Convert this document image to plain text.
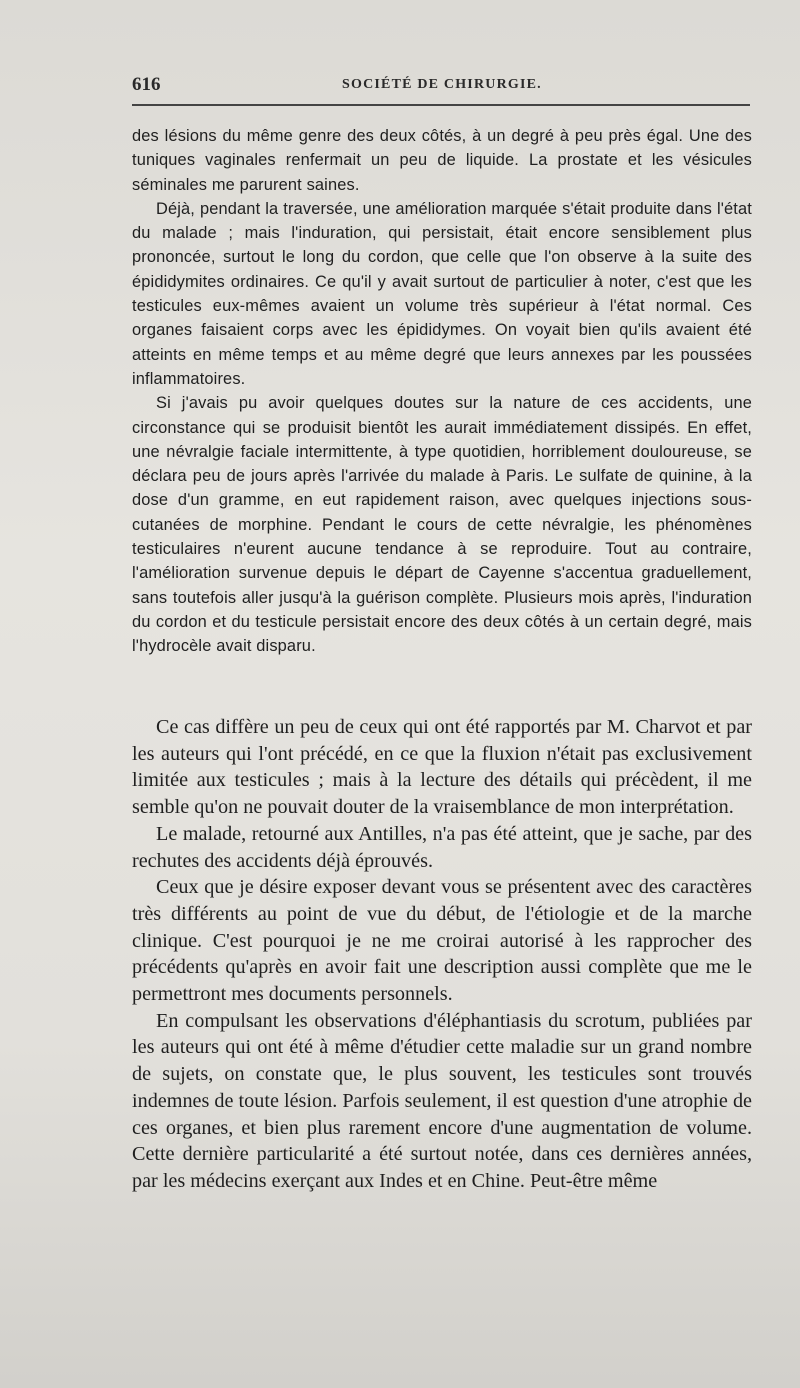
616	SOCIÉTÉ DE CHIRURGIE.

des lésions du même genre des deux côtés, à un degré à peu près égal. Une des tuniques vaginales renfermait un peu de liquide. La prostate et les vésicules séminales me parurent saines.

Déjà, pendant la traversée, une amélioration marquée s'était produite dans l'état du malade ; mais l'induration, qui persistait, était encore sensiblement plus prononcée, surtout le long du cordon, que celle que l'on observe à la suite des épididymites ordinaires. Ce qu'il y avait surtout de particulier à noter, c'est que les testicules eux-mêmes avaient un volume très supérieur à l'état normal. Ces organes faisaient corps avec les épididymes. On voyait bien qu'ils avaient été atteints en même temps et au même degré que leurs annexes par les poussées inflammatoires.

Si j'avais pu avoir quelques doutes sur la nature de ces accidents, une circonstance qui se produisit bientôt les aurait immédiatement dissipés. En effet, une névralgie faciale intermittente, à type quotidien, horriblement douloureuse, se déclara peu de jours après l'arrivée du malade à Paris. Le sulfate de quinine, à la dose d'un gramme, en eut rapidement raison, avec quelques injections sous-cutanées de morphine. Pendant le cours de cette névralgie, les phénomènes testiculaires n'eurent aucune tendance à se reproduire. Tout au contraire, l'amélioration survenue depuis le départ de Cayenne s'accentua graduellement, sans toutefois aller jusqu'à la guérison complète. Plusieurs mois après, l'induration du cordon et du testicule persistait encore des deux côtés à un certain degré, mais l'hydrocèle avait disparu.

Ce cas diffère un peu de ceux qui ont été rapportés par M. Charvot et par les auteurs qui l'ont précédé, en ce que la fluxion n'était pas exclusivement limitée aux testicules ; mais à la lecture des détails qui précèdent, il me semble qu'on ne pouvait douter de la vraisemblance de mon interprétation.

Le malade, retourné aux Antilles, n'a pas été atteint, que je sache, par des rechutes des accidents déjà éprouvés.

Ceux que je désire exposer devant vous se présentent avec des caractères très différents au point de vue du début, de l'étiologie et de la marche clinique. C'est pourquoi je ne me croirai autorisé à les rapprocher des précédents qu'après en avoir fait une description aussi complète que me le permettront mes documents personnels.

En compulsant les observations d'éléphantiasis du scrotum, publiées par les auteurs qui ont été à même d'étudier cette maladie sur un grand nombre de sujets, on constate que, le plus souvent, les testicules sont trouvés indemnes de toute lésion. Parfois seulement, il est question d'une atrophie de ces organes, et bien plus rarement encore d'une augmentation de volume. Cette dernière particularité a été surtout notée, dans ces dernières années, par les médecins exerçant aux Indes et en Chine. Peut-être même
